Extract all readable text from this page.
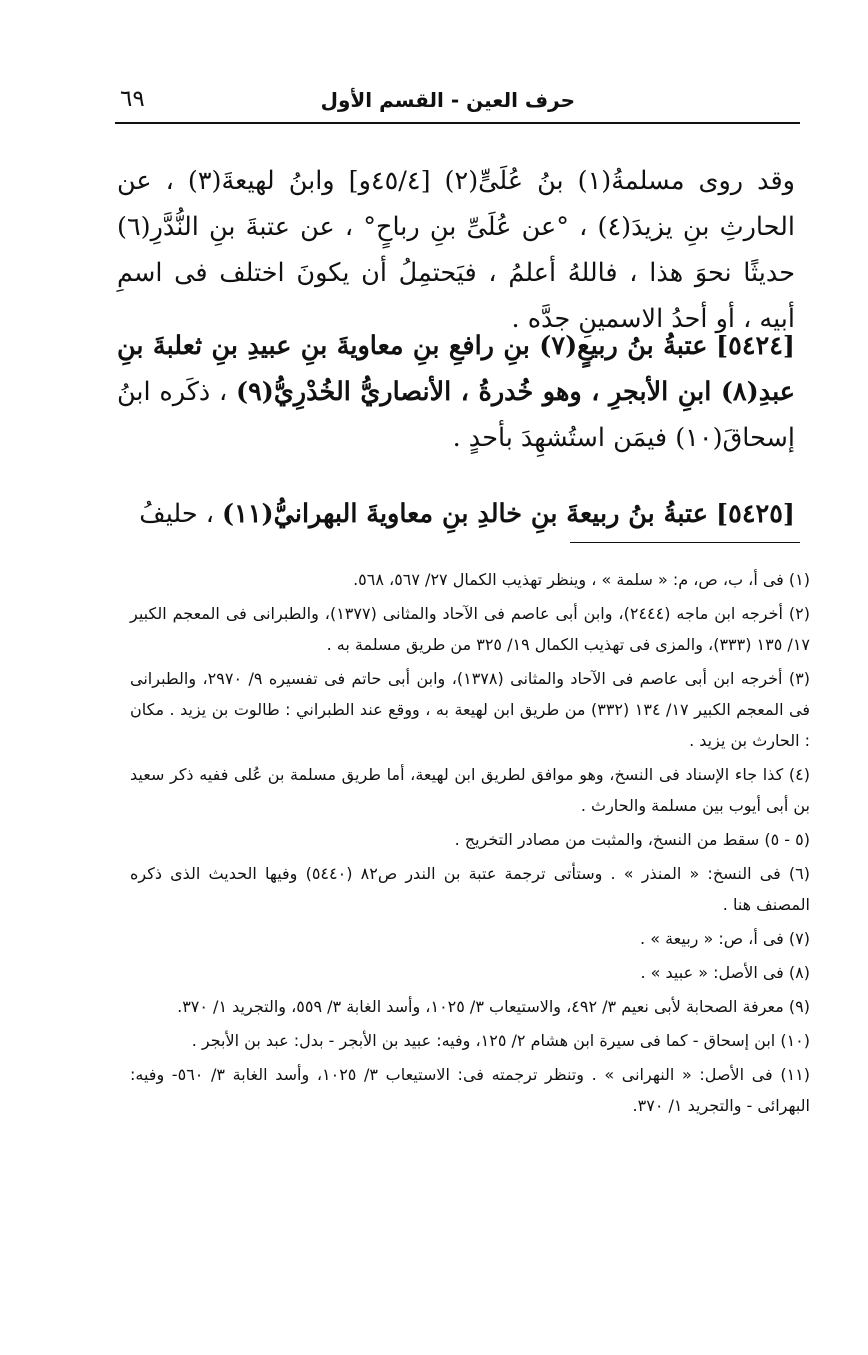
حرف العين - القسم الأول
٦٩

وقد روى مسلمةُ(١) بنُ عُلَىٍّ(٢) [٤٥/٤و] وابنُ لهيعةَ(٣) ، عن الحارثِ بنِ يزيدَ(٤) ، °عن عُلَىِّ بنِ رباحٍ° ، عن عتبةَ بنِ النُّدَّرِ(٦) حديثًا نحوَ هذا ، فاللهُ أعلمُ ، فيَحتمِلُ أن يكونَ اختلف فى اسمِ أبيه ، أو أحدُ الاسمينِ جدَّه .

[٥٤٢٤] عتبةُ بنُ ربيعٍ(٧) بنِ رافعِ بنِ معاويةَ بنِ عبيدِ بنِ ثعلبةَ بنِ عبدِ(٨) ابنِ الأبجرِ ، وهو خُدرةُ ، الأنصاريُّ الخُدْرِيُّ(٩) ، ذكَره ابنُ إسحاقَ(١٠) فيمَن استُشهِدَ بأحدٍ .

[٥٤٢٥] عتبةُ بنُ ربيعةَ بنِ خالدِ بنِ معاويةَ البهرانيُّ(١١) ، حليفُ

(١) فى أ، ب، ص، م: « سلمة » ، وينظر تهذيب الكمال ٢٧/ ٥٦٧، ٥٦٨.

(٢) أخرجه ابن ماجه (٢٤٤٤)، وابن أبى عاصم فى الآحاد والمثانى (١٣٧٧)، والطبرانى فى المعجم الكبير ١٧/ ١٣٥ (٣٣٣)، والمزى فى تهذيب الكمال ١٩/ ٣٢٥ من طريق مسلمة به .

(٣) أخرجه ابن أبى عاصم فى الآحاد والمثانى (١٣٧٨)، وابن أبى حاتم فى تفسيره ٩/ ٢٩٧٠، والطبرانى فى المعجم الكبير ١٧/ ١٣٤ (٣٣٢) من طريق ابن لهيعة به ، ووقع عند الطبراني : طالوت بن يزيد . مكان : الحارث بن يزيد .

(٤) كذا جاء الإسناد فى النسخ، وهو موافق لطريق ابن لهيعة، أما طريق مسلمة بن عُلى ففيه ذكر سعيد بن أبى أيوب بين مسلمة والحارث .

(٥ - ٥) سقط من النسخ، والمثبت من مصادر التخريج .

(٦) فى النسخ: « المنذر » . وستأتى ترجمة عتبة بن الندر ص٨٢ (٥٤٤٠) وفيها الحديث الذى ذكره المصنف هنا .

(٧) فى أ، ص: « ربيعة » .

(٨) فى الأصل: « عبيد » .

(٩) معرفة الصحابة لأبى نعيم ٣/ ٤٩٢، والاستيعاب ٣/ ١٠٢٥، وأسد الغابة ٣/ ٥٥٩، والتجريد ١/ ٣٧٠.

(١٠) ابن إسحاق - كما فى سيرة ابن هشام ٢/ ١٢٥، وفيه: عبيد بن الأبجر - بدل: عبد بن الأبجر .

(١١) فى الأصل: « النهرانى » . وتنظر ترجمته فى: الاستيعاب ٣/ ١٠٢٥، وأسد الغابة ٣/ ٥٦٠- وفيه: البهرائى - والتجريد ١/ ٣٧٠.
